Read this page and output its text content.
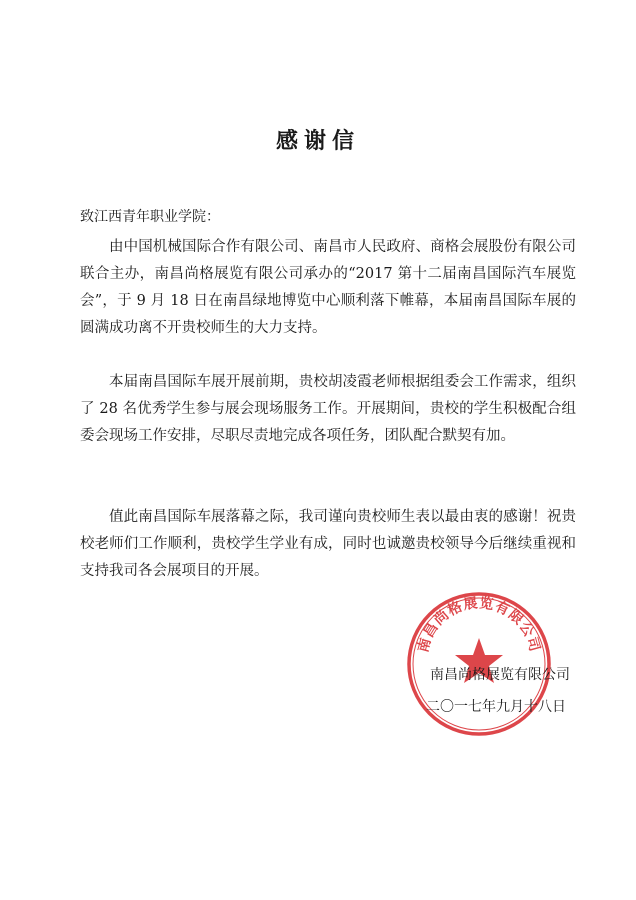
感谢信
致江西青年职业学院：

由中国机械国际合作有限公司、南昌市人民政府、商格会展股份有限公司联合主办，南昌尚格展览有限公司承办的“2017 第十二届南昌国际汽车展览会”，于 9 月 18 日在南昌绿地博览中心顺利落下帷幕，本届南昌国际车展的圆满成功离不开贵校师生的大力支持。

本届南昌国际车展开展前期，贵校胡凌霞老师根据组委会工作需求，组织了 28 名优秀学生参与展会现场服务工作。开展期间，贵校的学生积极配合组委会现场工作安排，尽职尽责地完成各项任务，团队配合默契有加。

值此南昌国际车展落幕之际，我司谨向贵校师生表以最由衷的感谢！祝贵校老师们工作顺利，贵校学生学业有成，同时也诚邀贵校领导今后继续重视和支持我司各会展项目的开展。

南昌尚格展览有限公司
南昌尚格展览有限公司
二〇一七年九月十八日
